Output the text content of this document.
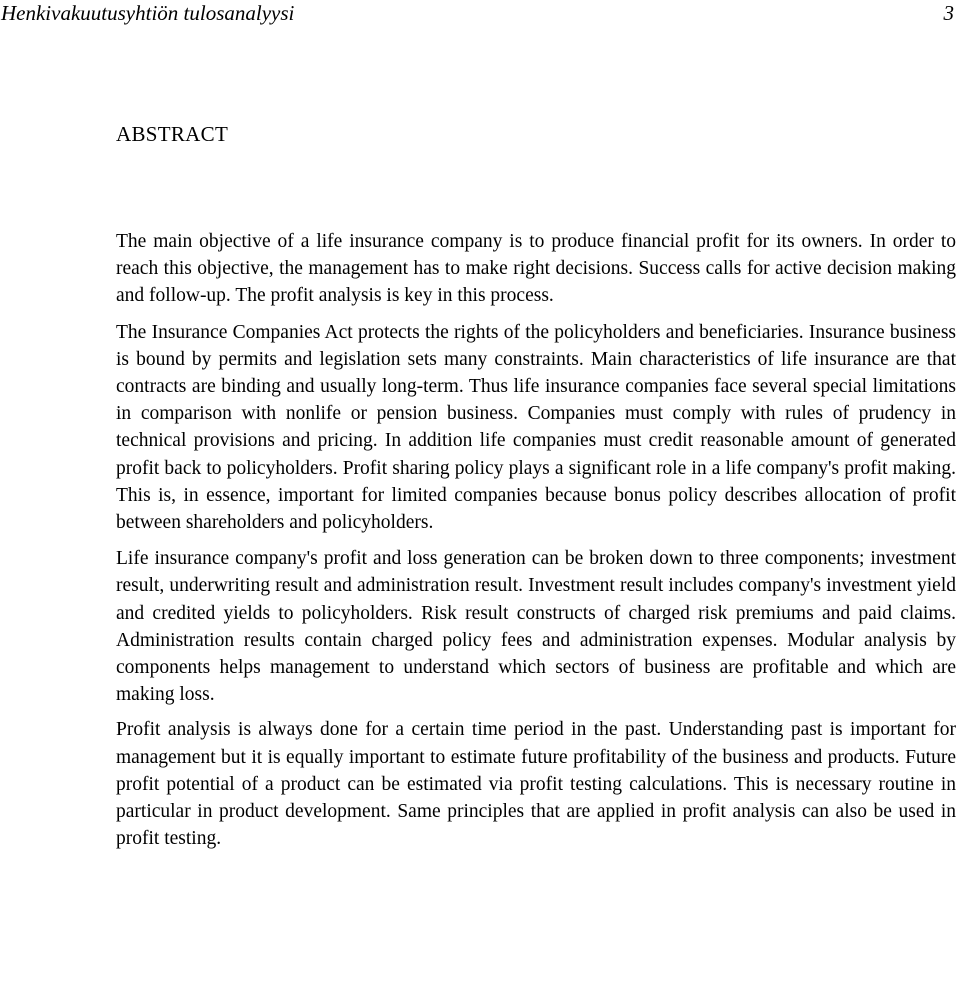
Henkivakuutusyhtiön tulosanalyysi	3
ABSTRACT

The main objective of a life insurance company is to produce financial profit for its owners. In order to reach this objective, the management has to make right decisions. Success calls for active decision making and follow-up. The profit analysis is key in this process.

The Insurance Companies Act protects the rights of the policyholders and beneficiaries. Insurance business is bound by permits and legislation sets many constraints. Main characteristics of life insurance are that contracts are binding and usually long-term. Thus life insurance companies face several special limitations in comparison with nonlife or pension business. Companies must comply with rules of prudency in technical provisions and pricing. In addition life companies must credit reasonable amount of generated profit back to policyholders. Profit sharing policy plays a significant role in a life company's profit making. This is, in essence, important for limited companies because bonus policy describes allocation of profit between shareholders and policyholders.

Life insurance company's profit and loss generation can be broken down to three components; investment result, underwriting result and administration result. Investment result includes company's investment yield and credited yields to policyholders. Risk result constructs of charged risk premiums and paid claims. Administration results contain charged policy fees and administration expenses. Modular analysis by components helps management to understand which sectors of business are profitable and which are making loss.

Profit analysis is always done for a certain time period in the past. Understanding past is important for management but it is equally important to estimate future profitability of the business and products. Future profit potential of a product can be estimated via profit testing calculations. This is necessary routine in particular in product development. Same principles that are applied in profit analysis can also be used in profit testing.
